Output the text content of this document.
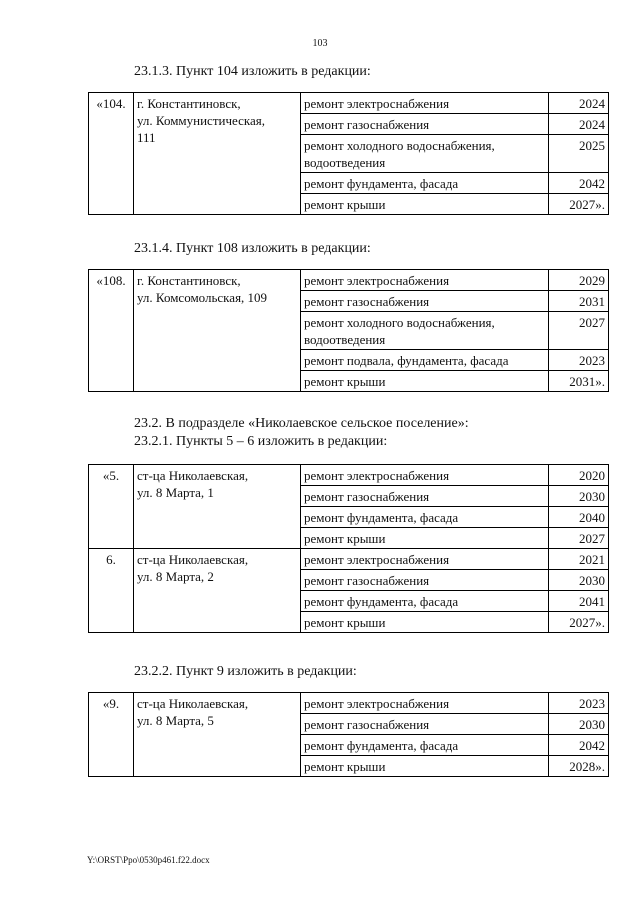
103
23.1.3. Пункт 104 изложить в редакции:
«104.	г. Константиновск,
ул. Коммунистическая,
111	ремонт электроснабжения	2024
		ремонт газоснабжения	2024
		ремонт холодного водоснабжения, водоотведения	2025
		ремонт фундамента, фасада	2042
		ремонт крыши	2027».
23.1.4. Пункт 108 изложить в редакции:
«108.	г. Константиновск,
ул. Комсомольская, 109	ремонт электроснабжения	2029
		ремонт газоснабжения	2031
		ремонт холодного водоснабжения, водоотведения	2027
		ремонт подвала, фундамента, фасада	2023
		ремонт крыши	2031».
23.2. В подразделе «Николаевское сельское поселение»:
23.2.1. Пункты 5 – 6 изложить в редакции:
«5.	ст-ца Николаевская,
ул. 8 Марта, 1	ремонт электроснабжения	2020
		ремонт газоснабжения	2030
		ремонт фундамента, фасада	2040
		ремонт крыши	2027
6.	ст-ца Николаевская,
ул. 8 Марта, 2	ремонт электроснабжения	2021
		ремонт газоснабжения	2030
		ремонт фундамента, фасада	2041
		ремонт крыши	2027».
23.2.2. Пункт 9 изложить в редакции:
«9.	ст-ца Николаевская,
ул. 8 Марта, 5	ремонт электроснабжения	2023
		ремонт газоснабжения	2030
		ремонт фундамента, фасада	2042
		ремонт крыши	2028».
Y:\ORST\Ppo\0530p461.f22.docx
